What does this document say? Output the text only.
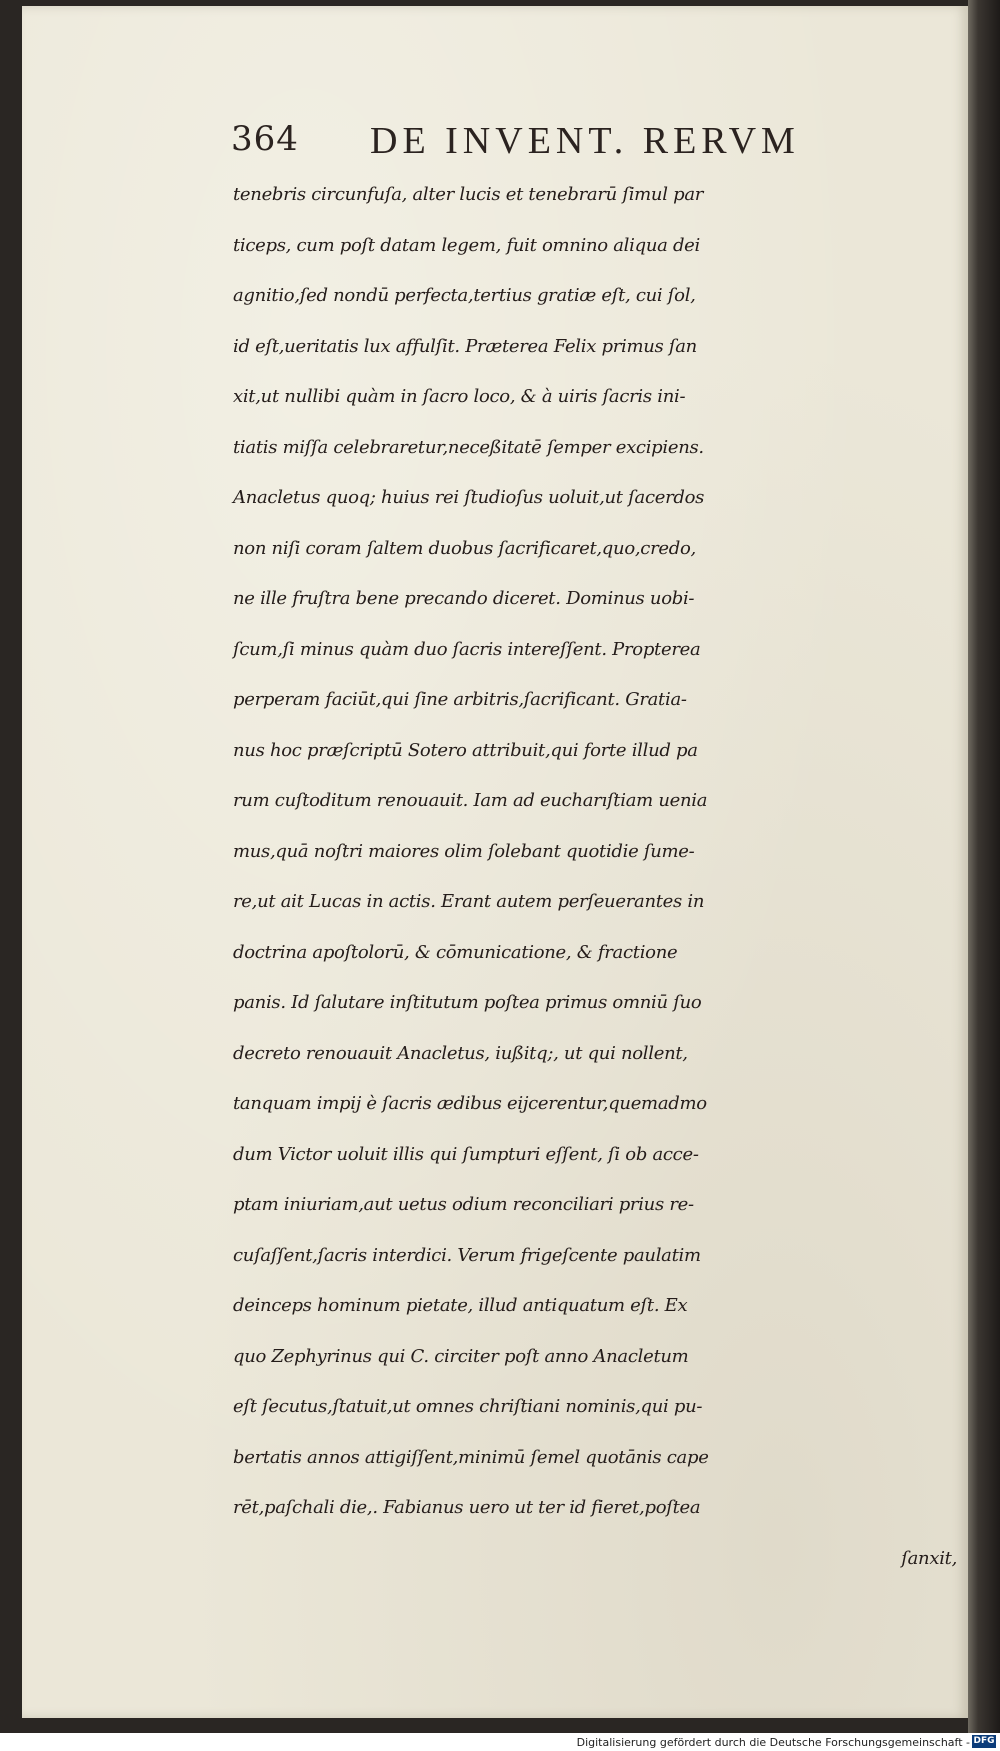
364 DE INVENT. RERVM
tenebris circunfuſa, alter lucis et tenebrarū ſimul par
ticeps, cum poſt datam legem, fuit omnino aliqua dei
agnitio,ſed nondū perfecta,tertius gratiæ eſt, cui ſol,
id eſt,ueritatis lux affulſit. Præterea Felix primus ſan
xit,ut nullibi quàm in ſacro loco, & à uiris ſacris ini-
tiatis miſſa celebraretur,neceßitatē ſemper excipiens.
Anacletus quoq; huius rei ſtudioſus uoluit,ut ſacerdos
non niſi coram ſaltem duobus ſacrificaret,quo,credo,
ne ille fruſtra bene precando diceret. Dominus uobi-
ſcum,ſi minus quàm duo ſacris intereſſent. Propterea
perperam faciūt,qui ſine arbitris,ſacrificant. Gratia-
nus hoc præſcriptū Sotero attribuit,qui forte illud pa
rum cuſtoditum renouauit. Iam ad eucharıſtiam uenia
mus,quā noſtri maiores olim ſolebant quotidie ſume-
re,ut ait Lucas in actis. Erant autem perſeuerantes in
doctrina apoſtolorū, & cōmunicatione, & fractione
panis. Id ſalutare inſtitutum poſtea primus omniū ſuo
decreto renouauit Anacletus, iußitq;, ut qui nollent,
tanquam impij è ſacris ædibus eijcerentur,quemadmo
dum Victor uoluit illis qui ſumpturi eſſent, ſi ob acce-
ptam iniuriam,aut uetus odium reconciliari prius re-
cuſaſſent,ſacris interdici. Verum frigeſcente paulatim
deinceps hominum pietate, illud antiquatum eſt. Ex
quo Zephyrinus qui C. circiter poſt anno Anacletum
eſt ſecutus,ſtatuit,ut omnes chriſtiani nominis,qui pu-
bertatis annos attigiſſent,minimū ſemel quotānis cape
rēt,paſchali die,. Fabianus uero ut ter id fieret,poſtea
ſanxit,
Digitalisierung gefördert durch die Deutsche Forschungsgemeinschaft - DFG
